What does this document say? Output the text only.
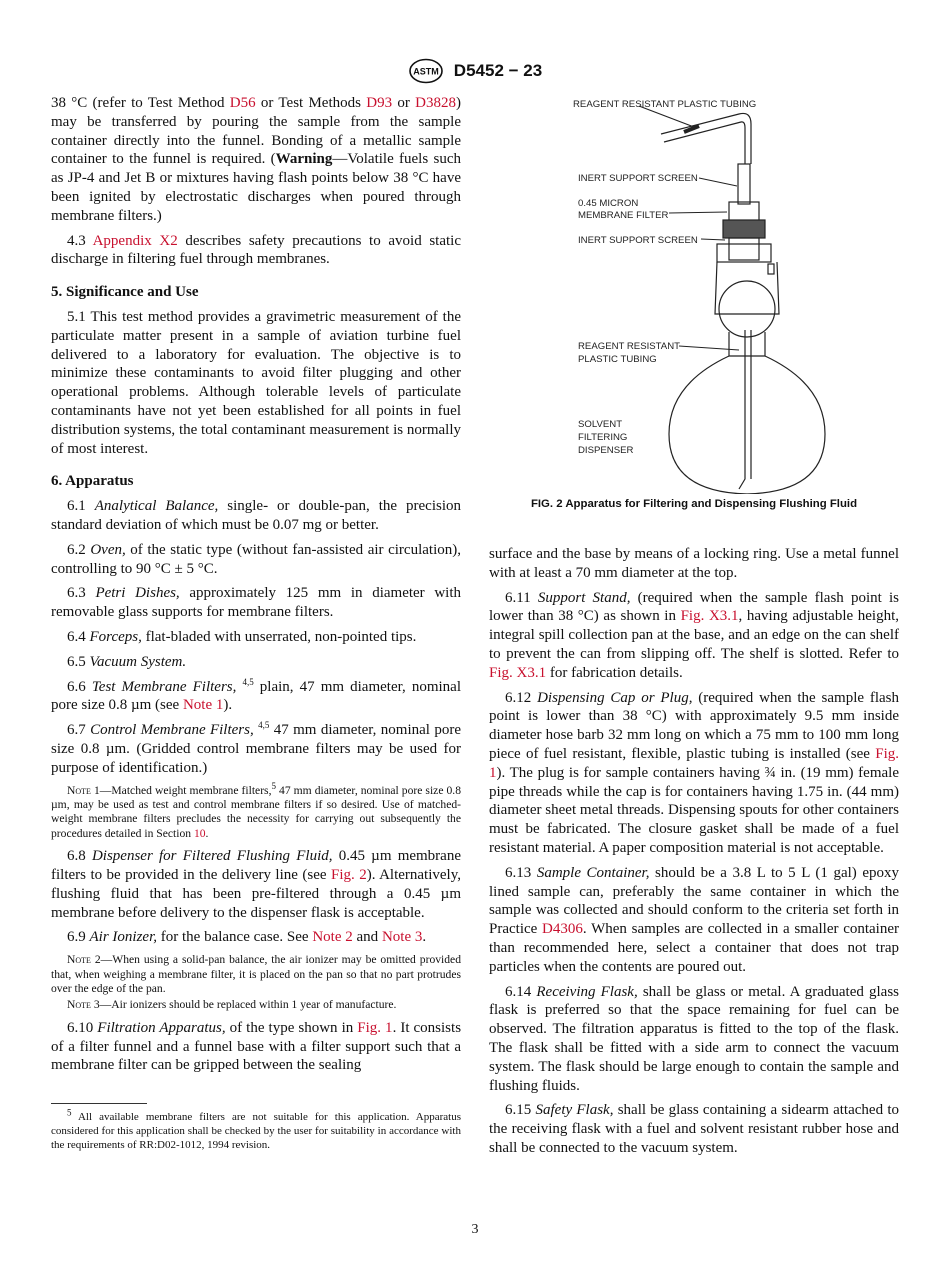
ASTM D5452 − 23

38 °C (refer to Test Method D56 or Test Methods D93 or D3828) may be transferred by pouring the sample from the sample container directly into the funnel. Bonding of a metallic sample container to the funnel is required. (Warning—Volatile fuels such as JP-4 and Jet B or mixtures having flash points below 38 °C have been ignited by electrostatic discharges when poured through membrane filters.)

4.3 Appendix X2 describes safety precautions to avoid static discharge in filtering fuel through membranes.

5. Significance and Use

5.1 This test method provides a gravimetric measurement of the particulate matter present in a sample of aviation turbine fuel delivered to a laboratory for evaluation. The objective is to minimize these contaminants to avoid filter plugging and other operational problems. Although tolerable levels of particulate contaminants have not yet been established for all points in fuel distribution systems, the total contaminant measurement is normally of most interest.

6. Apparatus

6.1 Analytical Balance, single- or double-pan, the precision standard deviation of which must be 0.07 mg or better.

6.2 Oven, of the static type (without fan-assisted air circulation), controlling to 90 °C ± 5 °C.

6.3 Petri Dishes, approximately 125 mm in diameter with removable glass supports for membrane filters.

6.4 Forceps, flat-bladed with unserrated, non-pointed tips.

6.5 Vacuum System.

6.6 Test Membrane Filters, $^{4,5}$ plain, 47 mm diameter, nominal pore size 0.8 µm (see Note 1).

6.7 Control Membrane Filters, $^{4,5}$ 47 mm diameter, nominal pore size 0.8 µm. (Gridded control membrane filters may be used for purpose of identification.)

Note 1—Matched weight membrane filters,$^5$ 47 mm diameter, nominal pore size 0.8 µm, may be used as test and control membrane filters if so desired. Use of matched-weight membrane filters precludes the necessity for carrying out subsequently the procedures detailed in Section 10.

6.8 Dispenser for Filtered Flushing Fluid, 0.45 µm membrane filters to be provided in the delivery line (see Fig. 2). Alternatively, flushing fluid that has been pre-filtered through a 0.45 µm membrane before delivery to the dispenser flask is acceptable.

6.9 Air Ionizer, for the balance case. See Note 2 and Note 3.

Note 2—When using a solid-pan balance, the air ionizer may be omitted provided that, when weighing a membrane filter, it is placed on the pan so that no part protrudes over the edge of the pan.

Note 3—Air ionizers should be replaced within 1 year of manufacture.

6.10 Filtration Apparatus, of the type shown in Fig. 1. It consists of a filter funnel and a funnel base with a filter support such that a membrane filter can be gripped between the sealing

$^5$ All available membrane filters are not suitable for this application. Apparatus considered for this application shall be checked by the user for suitability in accordance with the requirements of RR:D02-1012, 1994 revision.

REAGENT RESISTANT PLASTIC TUBING
INERT SUPPORT SCREEN
0.45 MICRON
MEMBRANE FILTER
INERT SUPPORT SCREEN
REAGENT RESISTANT
PLASTIC TUBING
SOLVENT
FILTERING
DISPENSER
FIG. 2 Apparatus for Filtering and Dispensing Flushing Fluid

surface and the base by means of a locking ring. Use a metal funnel with at least a 70 mm diameter at the top.

6.11 Support Stand, (required when the sample flash point is lower than 38 °C) as shown in Fig. X3.1, having adjustable height, integral spill collection pan at the base, and an edge on the can shelf to prevent the can from slipping off. The shelf is slotted. Refer to Fig. X3.1 for fabrication details.

6.12 Dispensing Cap or Plug, (required when the sample flash point is lower than 38 °C) with approximately 9.5 mm inside diameter hose barb 32 mm long on which a 75 mm to 100 mm long piece of fuel resistant, flexible, plastic tubing is installed (see Fig. 1). The plug is for sample containers having ¾ in. (19 mm) female pipe threads while the cap is for containers having 1.75 in. (44 mm) diameter sheet metal threads. Dispensing spouts for other containers must be fabricated. The closure gasket shall be made of a fuel resistant material. A paper composition material is not acceptable.

6.13 Sample Container, should be a 3.8 L to 5 L (1 gal) epoxy lined sample can, preferably the same container in which the sample was collected and should conform to the criteria set forth in Practice D4306. When samples are collected in a smaller container than recommended here, select a container that does not trap particles when the contents are poured out.

6.14 Receiving Flask, shall be glass or metal. A graduated glass flask is preferred so that the space remaining for fuel can be observed. The filtration apparatus is fitted to the top of the flask. The flask shall be fitted with a side arm to connect the vacuum system. The flask should be large enough to contain the sample and flushing fluids.

6.15 Safety Flask, shall be glass containing a sidearm attached to the receiving flask with a fuel and solvent resistant rubber hose and shall be connected to the vacuum system.

3
